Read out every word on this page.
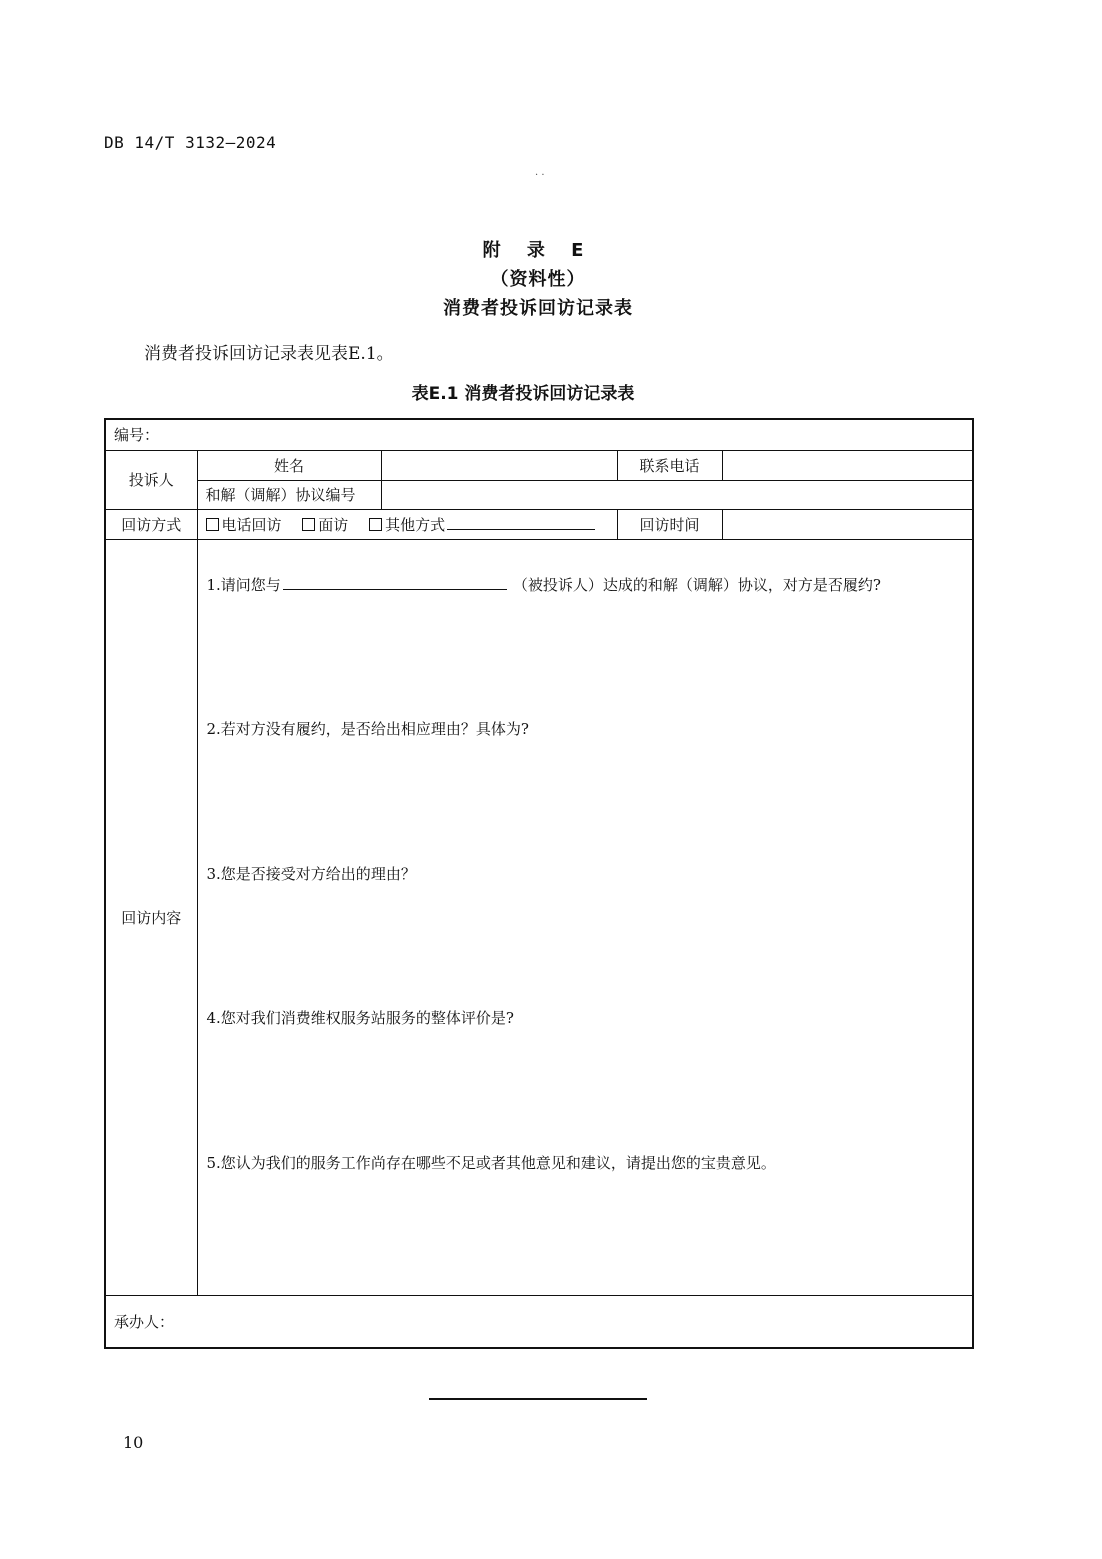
DB 14/T 3132—2024
· ·
附 录 E
（资料性）
消费者投诉回访记录表
消费者投诉回访记录表见表E.1。
表E.1 消费者投诉回访记录表
编号：				
投诉人	姓名		联系电话	
	和解（调解）协议编号			
回访方式	电话回访 面访 其他方式		回访时间	
回访内容	1.请问您与 （被投诉人）达成的和解（调解）协议，对方是否履约?
2.若对方没有履约，是否给出相应理由？具体为?
3.您是否接受对方给出的理由？
4.您对我们消费维权服务站服务的整体评价是?
5.您认为我们的服务工作尚存在哪些不足或者其他意见和建议，请提出您的宝贵意见。			

承办人：				
10
